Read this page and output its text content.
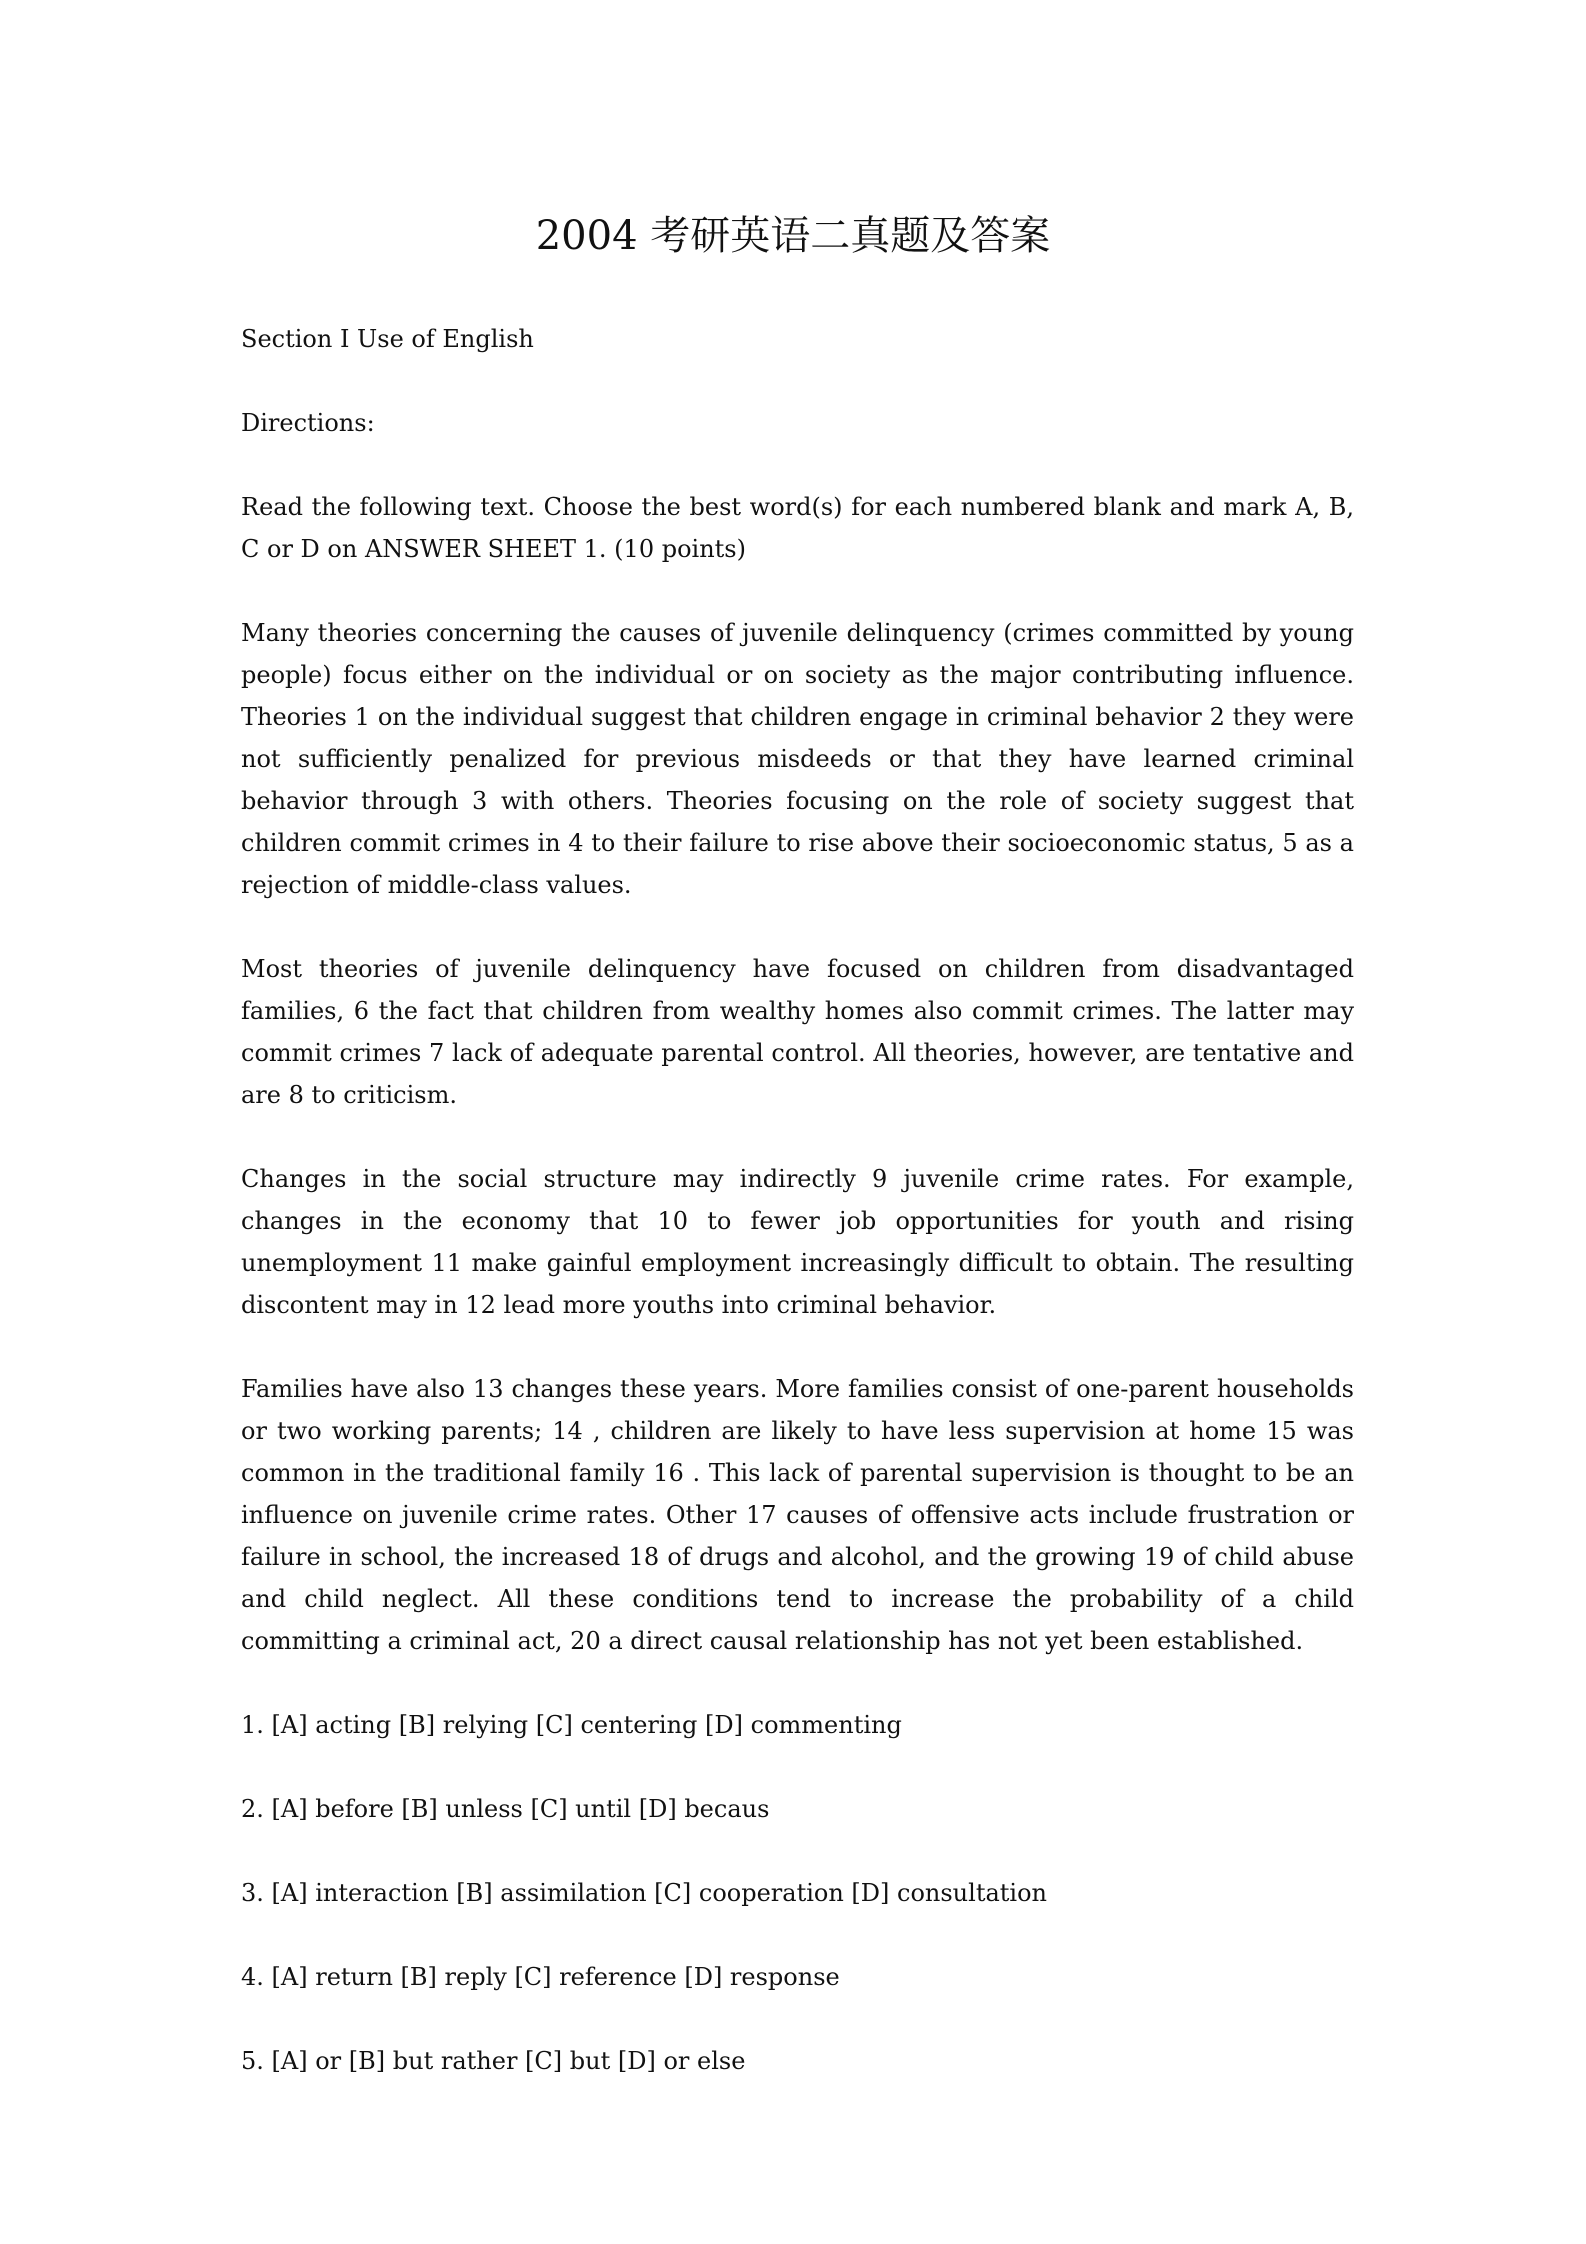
2004 考研英语二真题及答案

Section I Use of English

Directions:

Read the following text. Choose the best word(s) for each numbered blank and mark A, B, C or D on ANSWER SHEET 1. (10 points)

Many theories concerning the causes of juvenile delinquency (crimes committed by young people) focus either on the individual or on society as the major contributing influence. Theories 1 on the individual suggest that children engage in criminal behavior 2 they were not sufficiently penalized for previous misdeeds or that they have learned criminal behavior through 3 with others. Theories focusing on the role of society suggest that children commit crimes in 4 to their failure to rise above their socioeconomic status, 5 as a rejection of middle-class values.

Most theories of juvenile delinquency have focused on children from disadvantaged families, 6 the fact that children from wealthy homes also commit crimes. The latter may commit crimes 7 lack of adequate parental control. All theories, however, are tentative and are 8 to criticism.

Changes in the social structure may indirectly 9 juvenile crime rates. For example, changes in the economy that 10 to fewer job opportunities for youth and rising unemployment 11 make gainful employment increasingly difficult to obtain. The resulting discontent may in 12 lead more youths into criminal behavior.

Families have also 13 changes these years. More families consist of one-parent households or two working parents; 14 , children are likely to have less supervision at home 15 was common in the traditional family 16 . This lack of parental supervision is thought to be an influence on juvenile crime rates. Other 17 causes of offensive acts include frustration or failure in school, the increased 18 of drugs and alcohol, and the growing 19 of child abuse and child neglect. All these conditions tend to increase the probability of a child committing a criminal act, 20 a direct causal relationship has not yet been established.

1. [A] acting [B] relying [C] centering [D] commenting

2. [A] before [B] unless [C] until [D] becaus

3. [A] interaction [B] assimilation [C] cooperation [D] consultation

4. [A] return [B] reply [C] reference [D] response

5. [A] or [B] but rather [C] but [D] or else
